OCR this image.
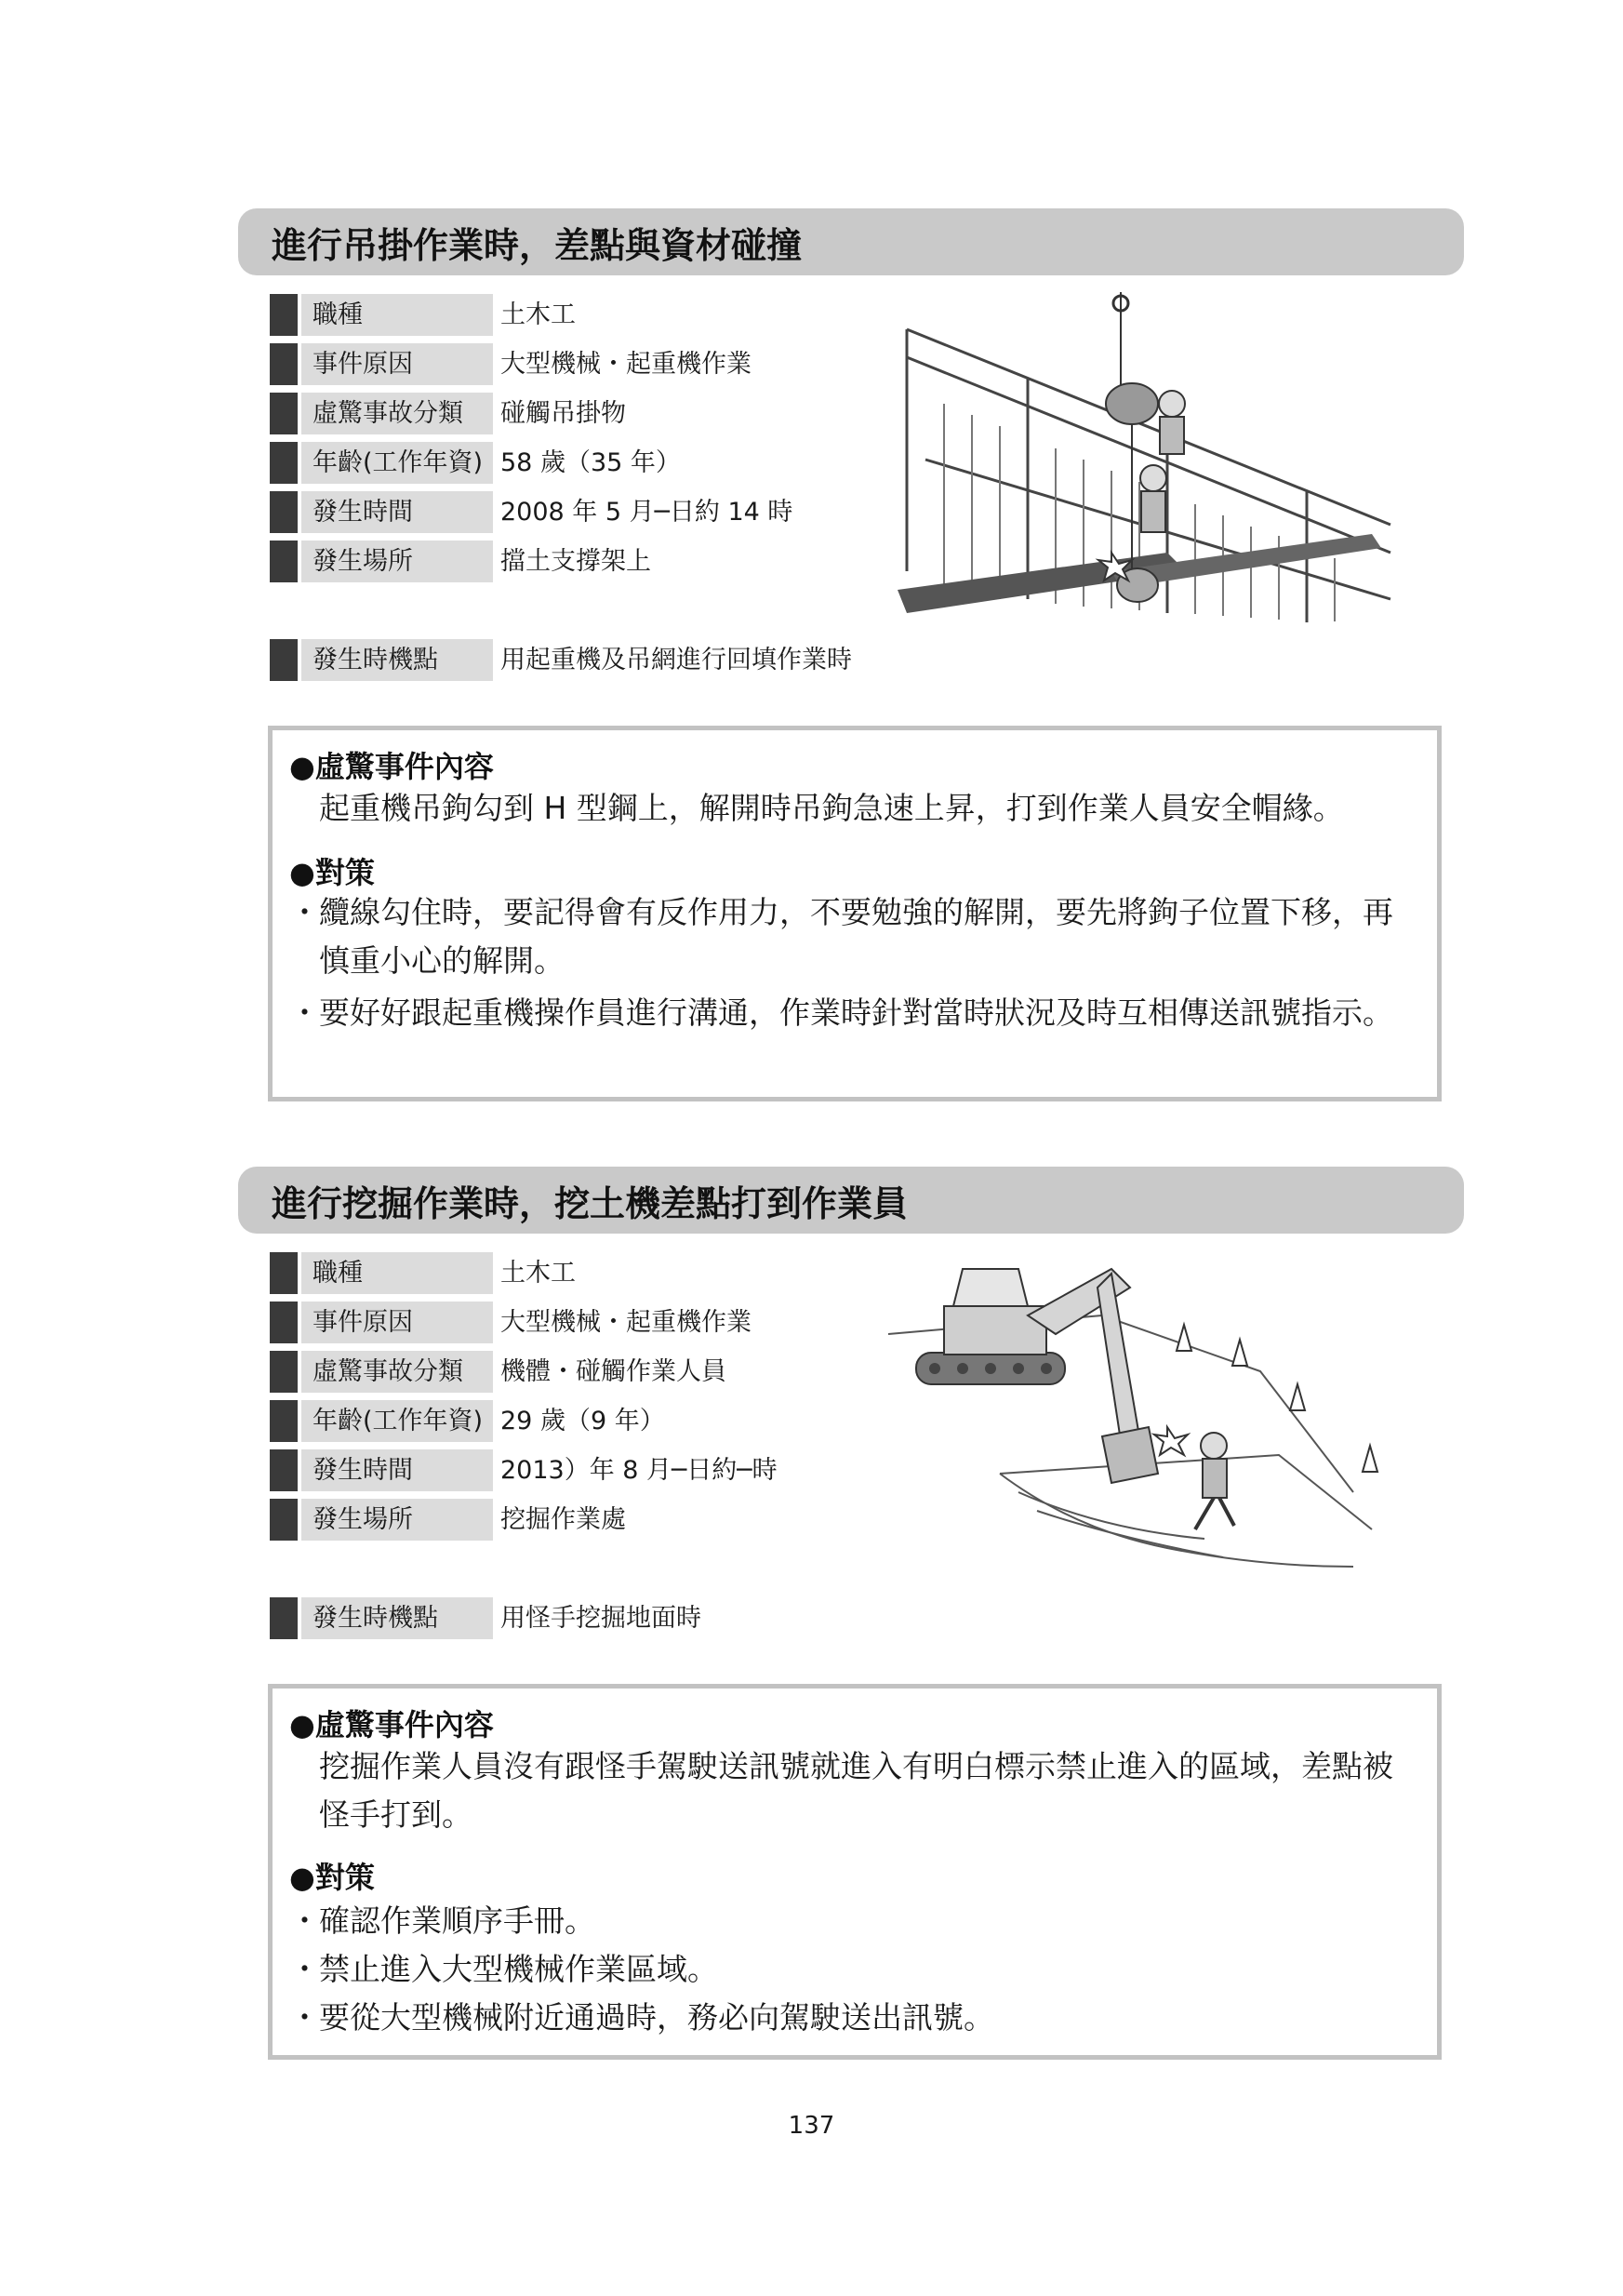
進行吊掛作業時，差點與資材碰撞
職種	土木工
事件原因	大型機械・起重機作業
虛驚事故分類	碰觸吊掛物
年齡(工作年資) 58 歲（35 年）
發生時間	2008 年 5 月─日約 14 時
發生場所	擋土支撐架上
發生時機點	用起重機及吊網進行回填作業時
●虛驚事件內容
起重機吊鉤勾到 H 型鋼上，解開時吊鉤急速上昇，打到作業人員安全帽緣。
●對策
・纜線勾住時，要記得會有反作用力，不要勉強的解開，要先將鉤子位置下移，再慎重小心的解開。
・要好好跟起重機操作員進行溝通，作業時針對當時狀況及時互相傳送訊號指示。
進行挖掘作業時，挖土機差點打到作業員
職種	土木工
事件原因	大型機械・起重機作業
虛驚事故分類	機體・碰觸作業人員
年齡(工作年資) 29 歲（9 年）
發生時間	2013）年 8 月─日約─時
發生場所	挖掘作業處
發生時機點	用怪手挖掘地面時
●虛驚事件內容
挖掘作業人員沒有跟怪手駕駛送訊號就進入有明白標示禁止進入的區域，差點被怪手打到。
●對策
・確認作業順序手冊。
・禁止進入大型機械作業區域。
・要從大型機械附近通過時，務必向駕駛送出訊號。
137
